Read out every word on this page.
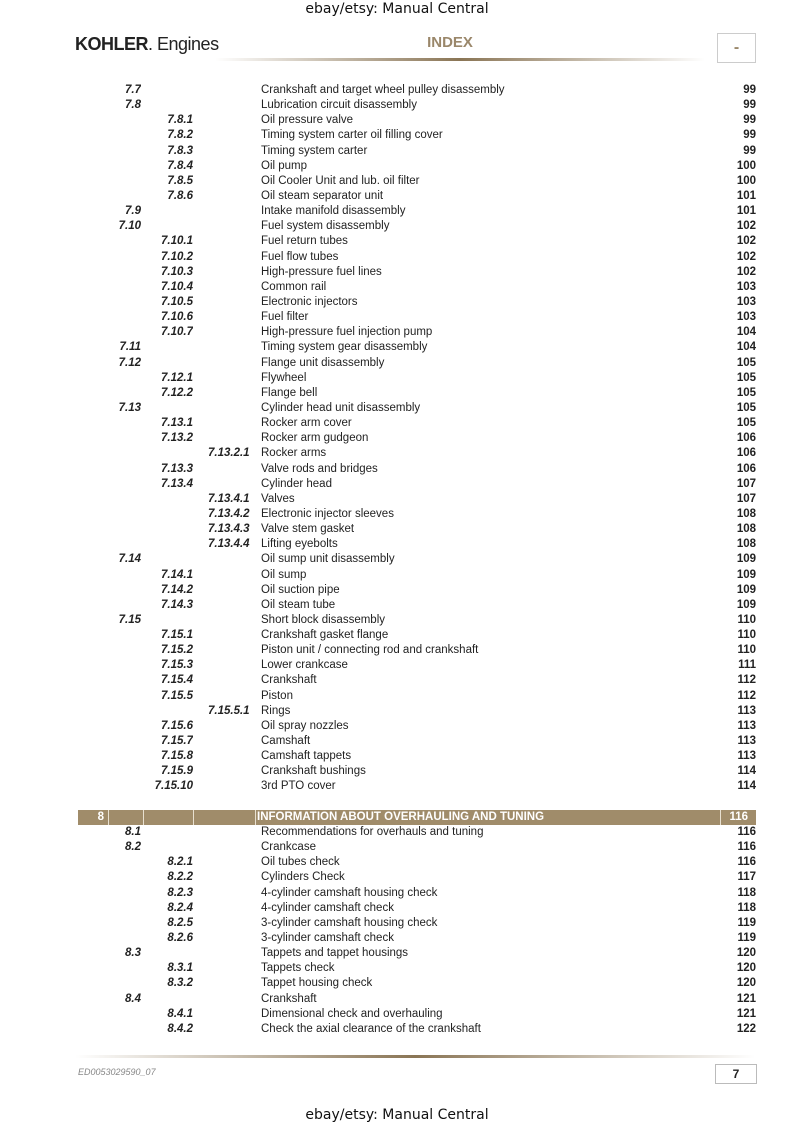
ebay/etsy: Manual Central
KOHLER. Engines	INDEX	-
7.7	Crankshaft and target wheel pulley disassembly	99
7.8	Lubrication circuit disassembly	99
7.8.1	Oil pressure valve	99
7.8.2	Timing system carter oil filling cover	99
7.8.3	Timing system carter	99
7.8.4	Oil pump	100
7.8.5	Oil Cooler Unit and lub. oil filter	100
7.8.6	Oil steam separator unit	101
7.9	Intake manifold disassembly	101
7.10	Fuel system disassembly	102
7.10.1	Fuel return tubes	102
7.10.2	Fuel flow tubes	102
7.10.3	High-pressure fuel lines	102
7.10.4	Common rail	103
7.10.5	Electronic injectors	103
7.10.6	Fuel filter	103
7.10.7	High-pressure fuel injection pump	104
7.11	Timing system gear disassembly	104
7.12	Flange unit disassembly	105
7.12.1	Flywheel	105
7.12.2	Flange bell	105
7.13	Cylinder head unit disassembly	105
7.13.1	Rocker arm cover	105
7.13.2	Rocker arm gudgeon	106
7.13.2.1 Rocker arms	106
7.13.3	Valve rods and bridges	106
7.13.4	Cylinder head	107
7.13.4.1 Valves	107
7.13.4.2 Electronic injector sleeves	108
7.13.4.3 Valve stem gasket	108
7.13.4.4 Lifting eyebolts	108
7.14	Oil sump unit disassembly	109
7.14.1	Oil sump	109
7.14.2	Oil suction pipe	109
7.14.3	Oil steam tube	109
7.15	Short block disassembly	110
7.15.1	Crankshaft gasket flange	110
7.15.2	Piston unit / connecting rod and crankshaft	110
7.15.3	Lower crankcase	111
7.15.4	Crankshaft	112
7.15.5	Piston	112
7.15.5.1 Rings	113
7.15.6	Oil spray nozzles	113
7.15.7	Camshaft	113
7.15.8	Camshaft tappets	113
7.15.9	Crankshaft bushings	114
7.15.10	3rd PTO cover	114
8	INFORMATION ABOUT OVERHAULING AND TUNING	116
8.1	Recommendations for overhauls and tuning	116
8.2	Crankcase	116
8.2.1	Oil tubes check	116
8.2.2	Cylinders Check	117
8.2.3	4-cylinder camshaft housing check	118
8.2.4	4-cylinder camshaft check	118
8.2.5	3-cylinder camshaft housing check	119
8.2.6	3-cylinder camshaft check	119
8.3	Tappets and tappet housings	120
8.3.1	Tappets check	120
8.3.2	Tappet housing check	120
8.4	Crankshaft	121
8.4.1	Dimensional check and overhauling	121
8.4.2	Check the axial clearance of the crankshaft	122
ED0053029590_07	7
ebay/etsy: Manual Central
